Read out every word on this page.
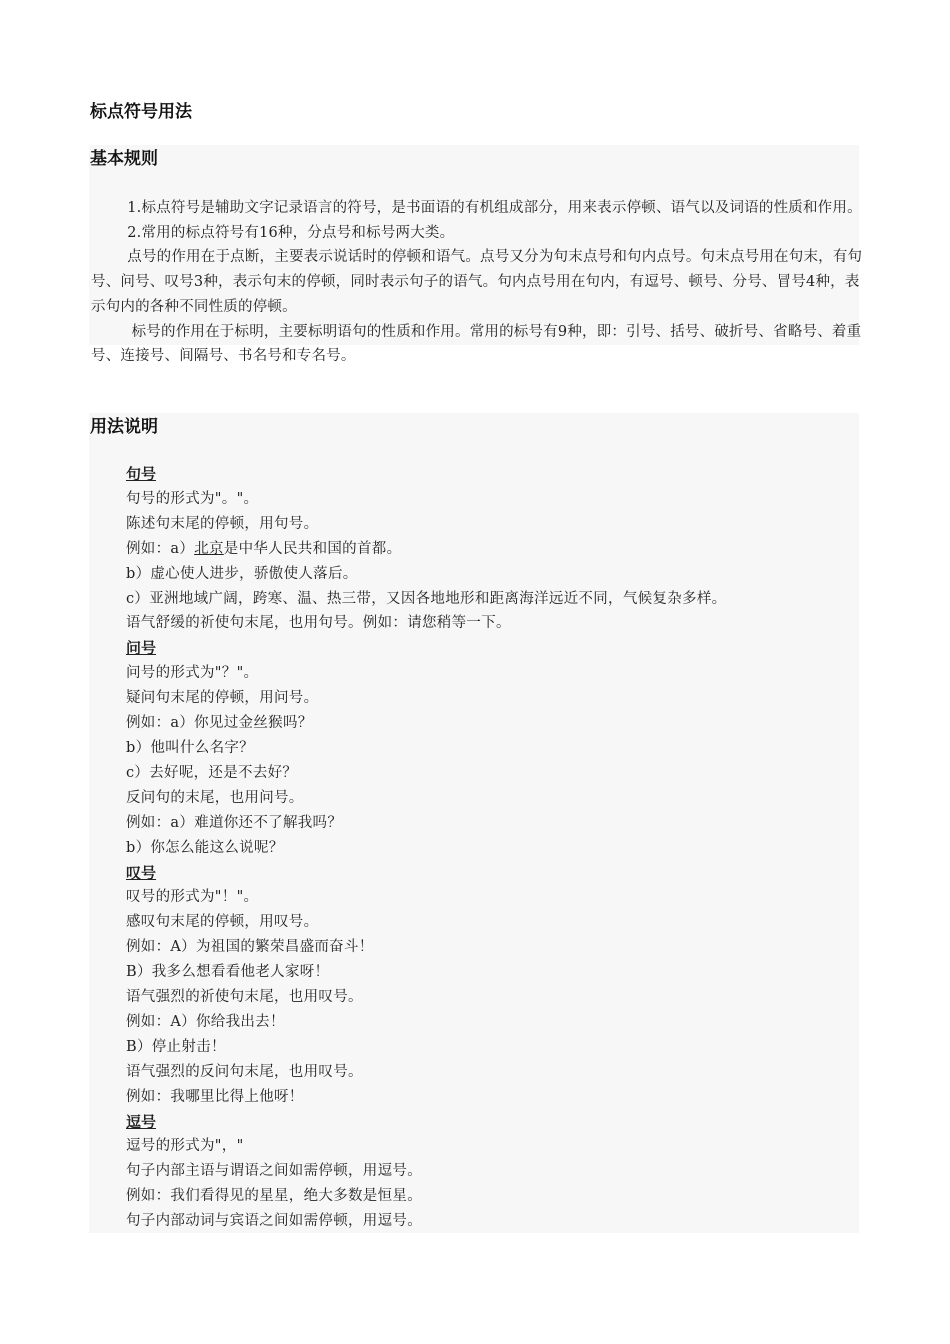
标点符号用法
基本规则

1.标点符号是辅助文字记录语言的符号，是书面语的有机组成部分，用来表示停顿、语气以及词语的性质和作用。

2.常用的标点符号有16种，分点号和标号两大类。

点号的作用在于点断，主要表示说话时的停顿和语气。点号又分为句末点号和句内点号。句末点号用在句末，有句号、问号、叹号3种，表示句末的停顿，同时表示句子的语气。句内点号用在句内，有逗号、顿号、分号、冒号4种，表示句内的各种不同性质的停顿。

标号的作用在于标明，主要标明语句的性质和作用。常用的标号有9种，即：引号、括号、破折号、省略号、着重号、连接号、间隔号、书名号和专名号。

用法说明

句号

句号的形式为"。"。

陈述句末尾的停顿，用句号。

例如：a）北京是中华人民共和国的首都。

b）虚心使人进步，骄傲使人落后。

c）亚洲地域广阔，跨寒、温、热三带，又因各地地形和距离海洋远近不同，气候复杂多样。

语气舒缓的祈使句末尾，也用句号。例如：请您稍等一下。

问号

问号的形式为"？"。

疑问句末尾的停顿，用问号。

例如：a）你见过金丝猴吗？

b）他叫什么名字？

c）去好呢，还是不去好？

反问句的末尾，也用问号。

例如：a）难道你还不了解我吗？

b）你怎么能这么说呢？

叹号

叹号的形式为"！"。

感叹句末尾的停顿，用叹号。

例如：A）为祖国的繁荣昌盛而奋斗！

B）我多么想看看他老人家呀！

语气强烈的祈使句末尾，也用叹号。

例如：A）你给我出去！

B）停止射击！

语气强烈的反问句末尾，也用叹号。

例如：我哪里比得上他呀！

逗号

逗号的形式为"，"

句子内部主语与谓语之间如需停顿，用逗号。

例如：我们看得见的星星，绝大多数是恒星。

句子内部动词与宾语之间如需停顿，用逗号。
